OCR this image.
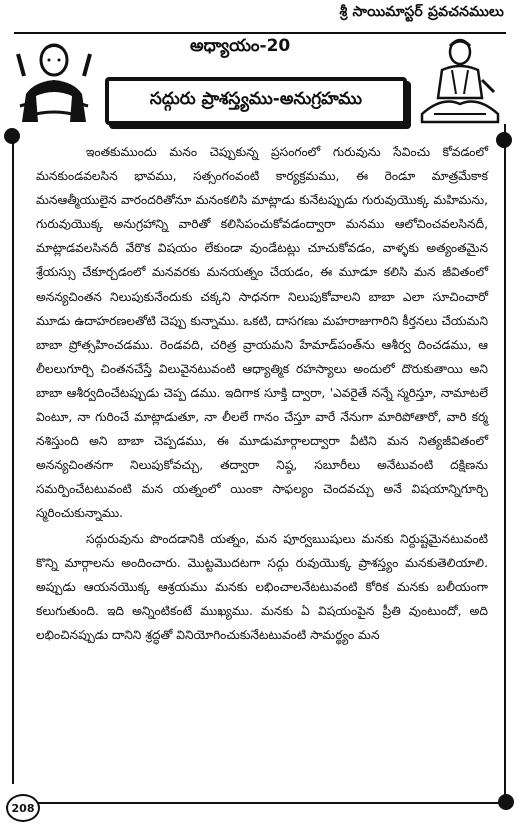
శ్రీ సాయిమాస్టర్ ప్రవచనములు
అధ్యాయం-20
సద్గురు ప్రాశస్త్యము-అనుగ్రహము

ఇంతకుముందు మనం చెప్పుకున్న ప్రసంగంలో గురువును సేవించు కోవడంలో మనకుండవలసిన భావము, సత్సంగంవంటి కార్యక్రమము, ఈ రెండూ మాత్రమేకాక మనఆత్మీయులైన వారందరితోనూ మనంకలిసి మాట్లాడు కునేటప్పుడు గురువుయొక్క మహిమను, గురువుయొక్క అనుగ్రహాన్ని వారితో కలిసిపంచుకోవడంద్వారా మనము ఆలోచించవలసినదీ, మాట్లాడవలసినదీ వేరొక విషయం లేకుండా వుండేటట్లు చూచుకోవడం, వాళ్ళకు అత్యంతమైన శ్రేయస్సు చేకూర్చడంలో మనవరకు మనయత్నం చేయడం, ఈ మూడూ కలిసి మన జీవితంలో అనన్యచింతన నిలుపుకునేందుకు చక్కని సాధనగా నిలుపుకోవాలని బాబా ఎలా సూచించారో మూడు ఉదాహరణలతోటి చెప్పు కున్నాము. ఒకటి, దాసగణు మహరాజుగారిని కీర్తనలు చేయమని బాబా ప్రోత్సహించడము. రెండవది, చరిత్ర వ్రాయమని హేమాడ్‌పంత్‌ను ఆశీర్వ దించడము, ఆ లీలలుగూర్చి చింతనచేస్తే విలువైనటువంటి ఆధ్యాత్మిక రహస్యాలు అందులో దొరుకుతాయి అని బాబా ఆశీర్వదించేటప్పుడు చెప్ప డము. ఇదిగాక సూక్తి ద్వారా, 'ఎవరైతే నన్నే స్మరిస్తూ, నామాటలే వింటూ, నా గురించే మాట్లాడుతూ, నా లీలలే గానం చేస్తూ వారే నేనుగా మారిపోతారో, వారి కర్మ నశిస్తుంది అని బాబా చెప్పడము, ఈ మూడుమార్గాలద్వారా వీటిని మన నిత్యజీవితంలో అనన్యచింతనగా నిలుపుకోవచ్చు, తద్వారా నిష్ఠ, సబూరీలు అనేటువంటి దక్షిణను సమర్పించేటటువంటి మన యత్నంలో యింకా సాఫల్యం చెందవచ్చు అనే విషయాన్నిగూర్చి స్మరించుకున్నాము.

సద్గురువును పొందడానికి యత్నం, మన పూర్వఋషులు మనకు నిర్దుష్టమైనటువంటి కొన్ని మార్గాలను అందించారు. మొట్టమొదటగా సద్గు రువుయొక్క ప్రాశస్త్యం మనకుతెలియాలి. అప్పుడు ఆయనయొక్క ఆశ్రయము మనకు లభించాలనేటటువంటి కోరిక మనకు బలీయంగా కలుగుతుంది. ఇది అన్నింటికంటే ముఖ్యము. మనకు ఏ విషయంపైన ప్రీతి వుంటుందో, అది లభించినప్పుడు దానిని శ్రద్ధతో వినియోగించుకునేటటువంటి సామర్థ్యం మన

208
